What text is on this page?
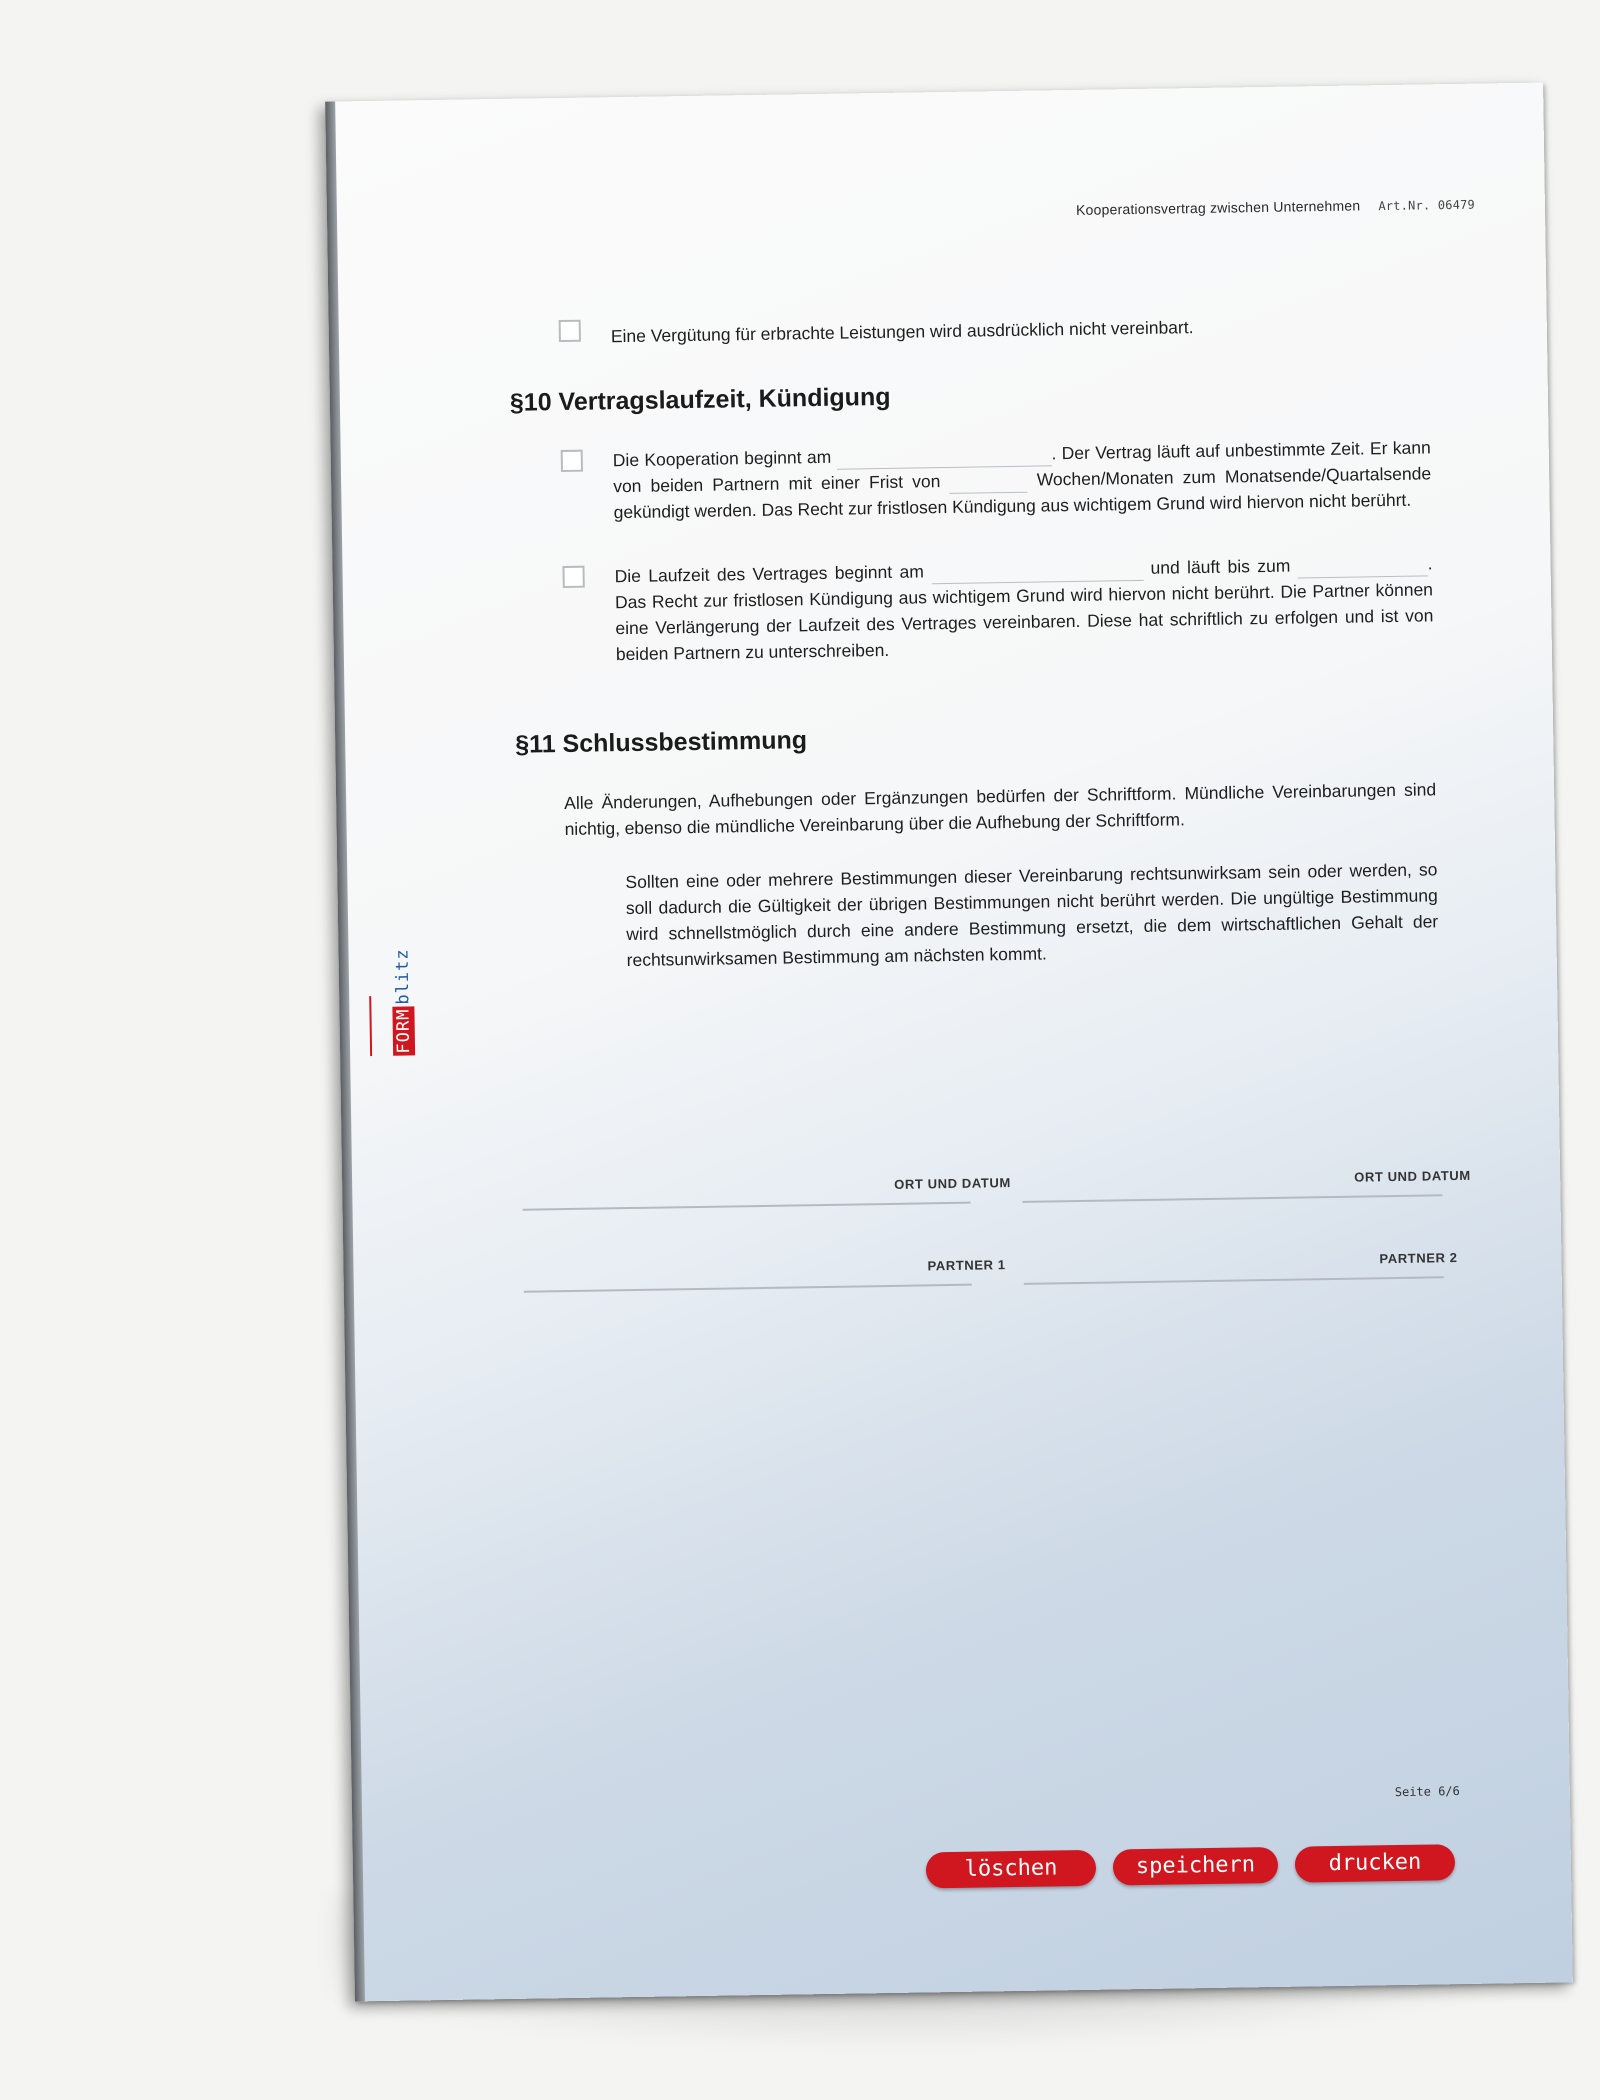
FORMblitz
Kooperationsvertrag zwischen Unternehmen Art.Nr. 06479
Eine Vergütung für erbrachte Leistungen wird ausdrücklich nicht vereinbart.
§10 Vertragslaufzeit, Kündigung
Die Kooperation beginnt am	. Der Vertrag läuft auf unbestimmte Zeit. Er kann von beiden Partnern mit einer Frist von	Wochen/Monaten zum Monatsende/Quartalsende gekündigt werden. Das Recht zur fristlosen Kündigung aus wichtigem Grund wird hiervon nicht berührt.
Die Laufzeit des Vertrages beginnt am	und läuft bis zum	. Das Recht zur fristlosen Kündigung aus wichtigem Grund wird hiervon nicht berührt. Die Partner können eine Verlängerung der Laufzeit des Vertrages vereinbaren. Diese hat schriftlich zu erfolgen und ist von beiden Partnern zu unterschreiben.
§11 Schlussbestimmung
Alle Änderungen, Aufhebungen oder Ergänzungen bedürfen der Schriftform. Mündliche Vereinbarungen sind nichtig, ebenso die mündliche Vereinbarung über die Aufhebung der Schriftform.
Sollten eine oder mehrere Bestimmungen dieser Vereinbarung rechtsunwirksam sein oder werden, so soll dadurch die Gültigkeit der übrigen Bestimmungen nicht berührt werden. Die ungültige Bestimmung wird schnellstmöglich durch eine andere Bestimmung ersetzt, die dem wirtschaftlichen Gehalt der rechtsunwirksamen Bestimmung am nächsten kommt.
ORT UND DATUM	ORT UND DATUM
PARTNER 1	PARTNER 2
Seite 6/6
löschen	speichern	drucken
